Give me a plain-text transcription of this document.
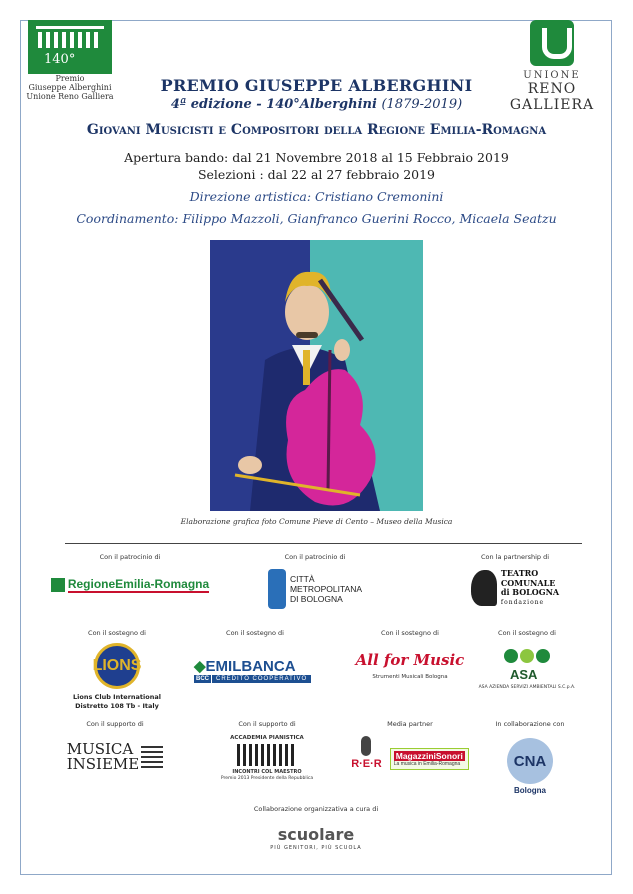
140°
Premio
Giuseppe Alberghini
Unione Reno Galliera
UNIONE
RENO GALLIERA
PREMIO GIUSEPPE ALBERGHINI
4ª edizione - 140°Alberghini (1879-2019)
Giovani Musicisti e Compositori della Regione Emilia-Romagna
Apertura bando: dal 21 Novembre 2018 al 15 Febbraio 2019
Selezioni : dal 22 al 27 febbraio 2019
Direzione artistica: Cristiano Cremonini
Coordinamento: Filippo Mazzoli, Gianfranco Guerini Rocco, Micaela Seatzu
Elaborazione grafica foto Comune Pieve di Cento – Museo della Musica
Con il patrocinio di
RegioneEmilia-Romagna
Con il patrocinio di
CITTÀ
METROPOLITANA
DI BOLOGNA
Con la partnership di
TEATRO
COMUNALE
di BOLOGNA
fondazione
Con il sostegno di
LIONS
Lions Club International
Distretto 108 Tb - Italy
Con il sostegno di
◆EMILBANCA
BCC	CREDITO COOPERATIVO
Con il sostegno di
All for Music
Strumenti Musicali Bologna
Con il sostegno di
ASA
ASA AZIENDA SERVIZI AMBIENTALI S.C.p.A.
Con il supporto di
MUSICA
INSIEME
Con il supporto di
ACCADEMIA PIANISTICA
INCONTRI COL MAESTRO
Premio 2013 Presidente della Repubblica
Media partner
R·E·R
MagazziniSonori
La musica in Emilia-Romagna
In collaborazione con
CNA
Bologna
Collaborazione organizzativa a cura di
scuolare
PIÙ GENITORI, PIÙ SCUOLA
